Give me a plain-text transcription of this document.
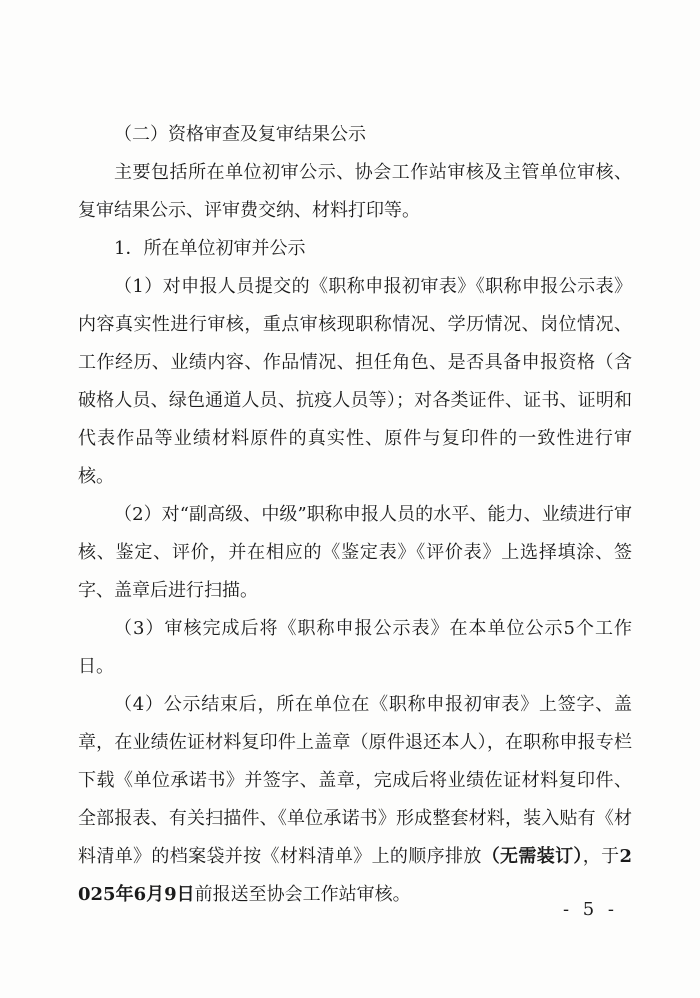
（二）资格审查及复审结果公示

主要包括所在单位初审公示、协会工作站审核及主管单位审核、复审结果公示、评审费交纳、材料打印等。

1．所在单位初审并公示

（1）对申报人员提交的《职称申报初审表》《职称申报公示表》内容真实性进行审核，重点审核现职称情况、学历情况、岗位情况、工作经历、业绩内容、作品情况、担任角色、是否具备申报资格（含破格人员、绿色通道人员、抗疫人员等）；对各类证件、证书、证明和代表作品等业绩材料原件的真实性、原件与复印件的一致性进行审核。

（2）对“副高级、中级”职称申报人员的水平、能力、业绩进行审核、鉴定、评价，并在相应的《鉴定表》《评价表》上选择填涂、签字、盖章后进行扫描。

（3）审核完成后将《职称申报公示表》在本单位公示5个工作日。

（4）公示结束后，所在单位在《职称申报初审表》上签字、盖章，在业绩佐证材料复印件上盖章（原件退还本人），在职称申报专栏下载《单位承诺书》并签字、盖章，完成后将业绩佐证材料复印件、全部报表、有关扫描件、《单位承诺书》形成整套材料，装入贴有《材料清单》的档案袋并按《材料清单》上的顺序排放（无需装订），于2025年6月9日前报送至协会工作站审核。

- 5 -
